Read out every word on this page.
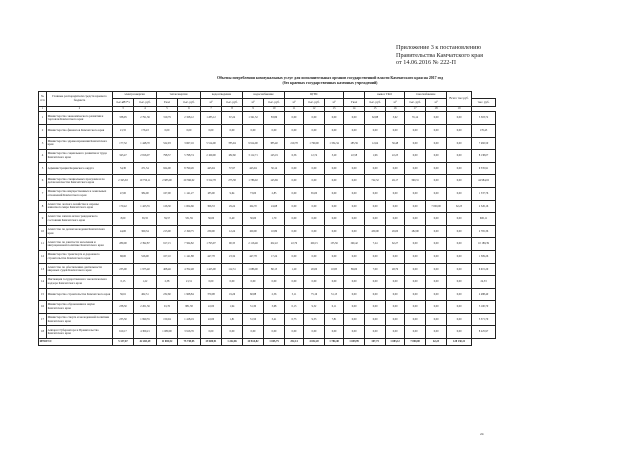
Приложение 3 к постановлению
Правительства Камчатского края
от 14.06.2016 № 222-П
Объемы потребления коммунальных услуг для исполнительных органов государственной власти Камчатского края на 2017 год
(без краевых государственных казенных учреждений)
№ п/п	Главные распорядители средств краевого бюджета	электроэнергия		теплоэнергия		водоотведение		водоснабжение		ЦГВС				вывоз ТКО		газоснабжение		Всего тыс.руб.	
		тыс.кВт*ч	тыс. руб.	Гкал	тыс. руб.	м³	тыс. руб.	м³	тыс. руб.	м³	тыс. руб.	м³	Гкал	тыс. руб.	м³	тыс. руб.	м³		тыс. руб.
1	2	3	4	5	6	7	8	9	10	11	12	13	14	15	16	17	18	19	
1	Министерство экономического развития и торговли Камчатского края	338,95	2 791,36	319,79	2 328,12	1 285,12	67,24	1 341,52	83,86	0,00	0,00	0,00	0,00	62,88	3,62	35,14	0,00	0,00	5 303,72
2	Министерство финансов Камчатского края	21,55	176,43	0,00	0,00	0,00	0,00	0,00	0,00	0,00	0,00	0,00	0,00	0,00	0,00	0,00	0,00	0,00	176,43
3	Министерство здравоохранения Камчатского края	177,32	1 448,70	522,93	3 667,16	5 514,00	785,94	9 914,00	385,40	219,78	1 790,00	1 334,34	183,59	12,64	56,48	0,00	0,00	0,00	7 482,50
4	Министерство социального развития и труда Камчатского края	343,47	2 816,07	798,57	5 798,74	2 169,90	182,60	3 112,71	143,19	6,56	12,74	3,29	22,58	1,96	22,23	0,00	0,00	0,00	8 138,07
5	Администрация Корякского округа	54,30	471,54	924,00	8 790,26	443,94	37,97	443,94	30,14	0,00	0,00	0,00	0,00	0,00	0,00	0,00	0,00	0,00	9 335,91
6	Министерство специальных программ и по делам казачества Камчатского края	2 345,63	19 750,11	2 983,00	20 396,02	3 312,78	275,38	1 786,92	143,69	0,00	0,00	0,00	0,00	722,52	49,17	360,31	0,00	0,00	44 984,02
7	Министерство имущественных и земельных отношений Камчатского края	47,00	384,00	167,00	1 141,27	183,00	9,64	73,00	2,85	0,00	65,00	0,00	0,00	0,00	0,00	0,00	0,00	0,00	1 537,76
8	Агентство лесного хозяйства и охраны животного мира Камчатского края	170,42	1 423,55	126,30	1 004,66	366,33	29,24	164,70	24,68	0,00	0,00	0,00	0,00	0,00	0,00	0,00	7 000,00	62,23	2 526,16
9	Агентство записи актов гражданского состояния Камчатского края	8,00	65,55	59,57	531,59	30,00	0,40	30,00	1,70	0,00	0,00	0,00	0,00	0,00	0,00	0,00	0,00	0,00	600,11
10	Агентство по делам молодежи Камчатского края	44,00	360,34	213,00	2 199,75	230,00	12,24	160,00	10,89	0,00	0,00	0,00	0,00	450,00	26,00	182,00	0,00	0,00	2 765,36
11	Агентство по занятости населения и миграционной политике Камчатского края	289,00	2 392,87	917,15	7 564,82	1 793,97	90,35	2 116,46	102,22	22,79	160,15	155,56	190,42	7,24	62,27	0,00	0,00	0,00	10 189,39
12	Министерство транспорта и дорожного строительства Камчатского края	68,00	526,00	107,10	1 141,88	447,78	23,34	447,78	17,24	0,00	0,00	0,00	0,00	0,00	0,00	0,00	0,00	0,00	1 309,26
13	Агентство по обеспечению деятельности мировых судей Камчатского края	235,00	1 975,40	408,46	4 702,48	1 425,00	112,31	1 086,00	80,13	1,29	20,00	10,85	89,00	7,00	48,79	0,00	0,00	0,00	6 915,29
14	Инспекция государственного экологического надзора Камчатского края	0,15	1,22	2,38	21,51	0,00	0,00	0,00	0,00	0,00	0,00	0,00	0,00	0,00	0,00	0,00	0,00	0,00	24,33
15	Министерство строительства Камчатского края	56,61	462,51	232,60	1 968,84	370,08	19,26	60,88	2,56	5,11	75,16	31,13	0,00	0,00	0,00	0,00	0,00	0,00	2 488,40
16	Министерство образования и науки Камчатского края	238,50	2 201,56	91,76	881,58	22,00	1,94	31,30	3,68	0,13	9,52	0,11	0,00	0,00	0,00	0,00	0,00	0,00	3 100,70
17	Министерство спорта и молодежной политики Камчатского края	235,50	1 990,55	150,04	1 418,19	22,00	1,81	31,50	3,41	0,73	9,53	7,81	0,00	0,00	0,00	0,00	0,00	0,00	3 371,79
18	Аппарат Губернатора и Правительства Камчатского края	610,17	4 309,21	1 080,00	3 916,76	0,00	0,00	0,00	0,00	0,00	0,00	0,00	0,00	0,00	0,00	0,00	0,00	0,00	8 225,97
ИТОГО:		5 137,67	42 265,29	11 069,52	75 738,05	29 680,91	1 242,06	20 814,82	1 045,75	252,14	4 032,20	1 784,48	1 699,99	107,73	1 083,12	7 000,00	62,23	128 130,21	
24
